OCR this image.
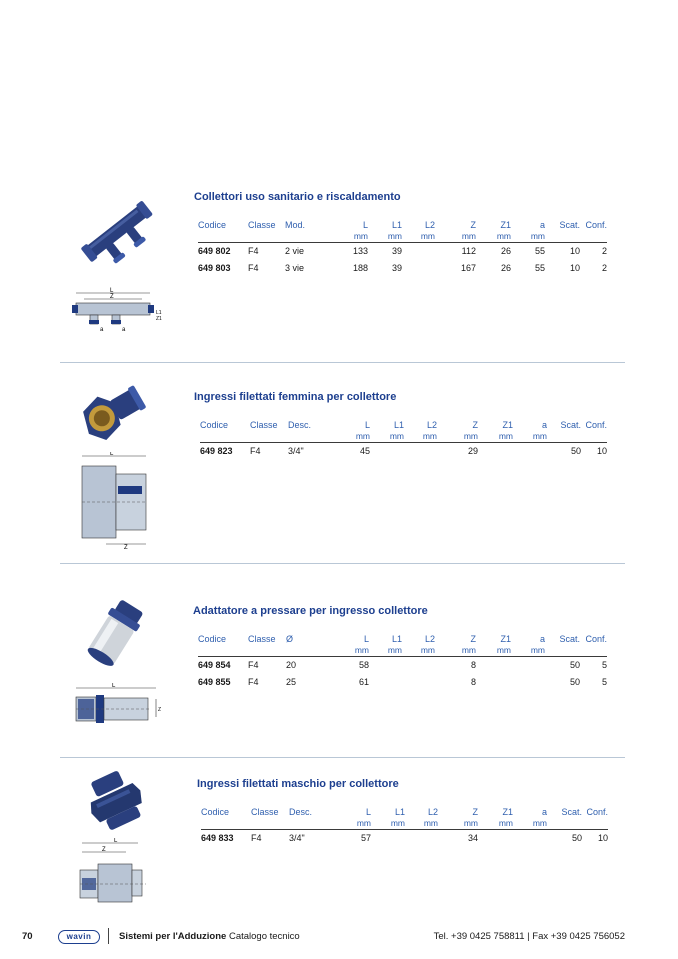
L
Z
a	a
L1
Z1
Collettori uso sanitario e riscaldamento
Codice	Classe	Mod.	L	L1	L2	Z	Z1	a	Scat.	Conf.
			mm	mm	mm	mm	mm	mm		
649 802	F4	2 vie	133	39		112	26	55	10	2
649 803	F4	3 vie	188	39		167	26	55	10	2
L
Z
Ingressi filettati femmina per collettore
Codice	Classe	Desc.	L	L1	L2	Z	Z1	a	Scat.	Conf.
			mm	mm	mm	mm	mm	mm		
649 823	F4	3/4"	45			29			50	10
L
Z
Adattatore a pressare per ingresso collettore
Codice	Classe	Ø	L	L1	L2	Z	Z1	a	Scat.	Conf.
			mm	mm	mm	mm	mm	mm		
649 854	F4	20	58			8			50	5
649 855	F4	25	61			8			50	5
L
Z
Ingressi filettati maschio per collettore
Codice	Classe	Desc.	L	L1	L2	Z	Z1	a	Scat.	Conf.
			mm	mm	mm	mm	mm	mm		
649 833	F4	3/4"	57			34			50	10
70	wavin	Sistemi per l'Adduzione Catalogo tecnico	Tel. +39 0425 758811 | Fax +39 0425 756052
